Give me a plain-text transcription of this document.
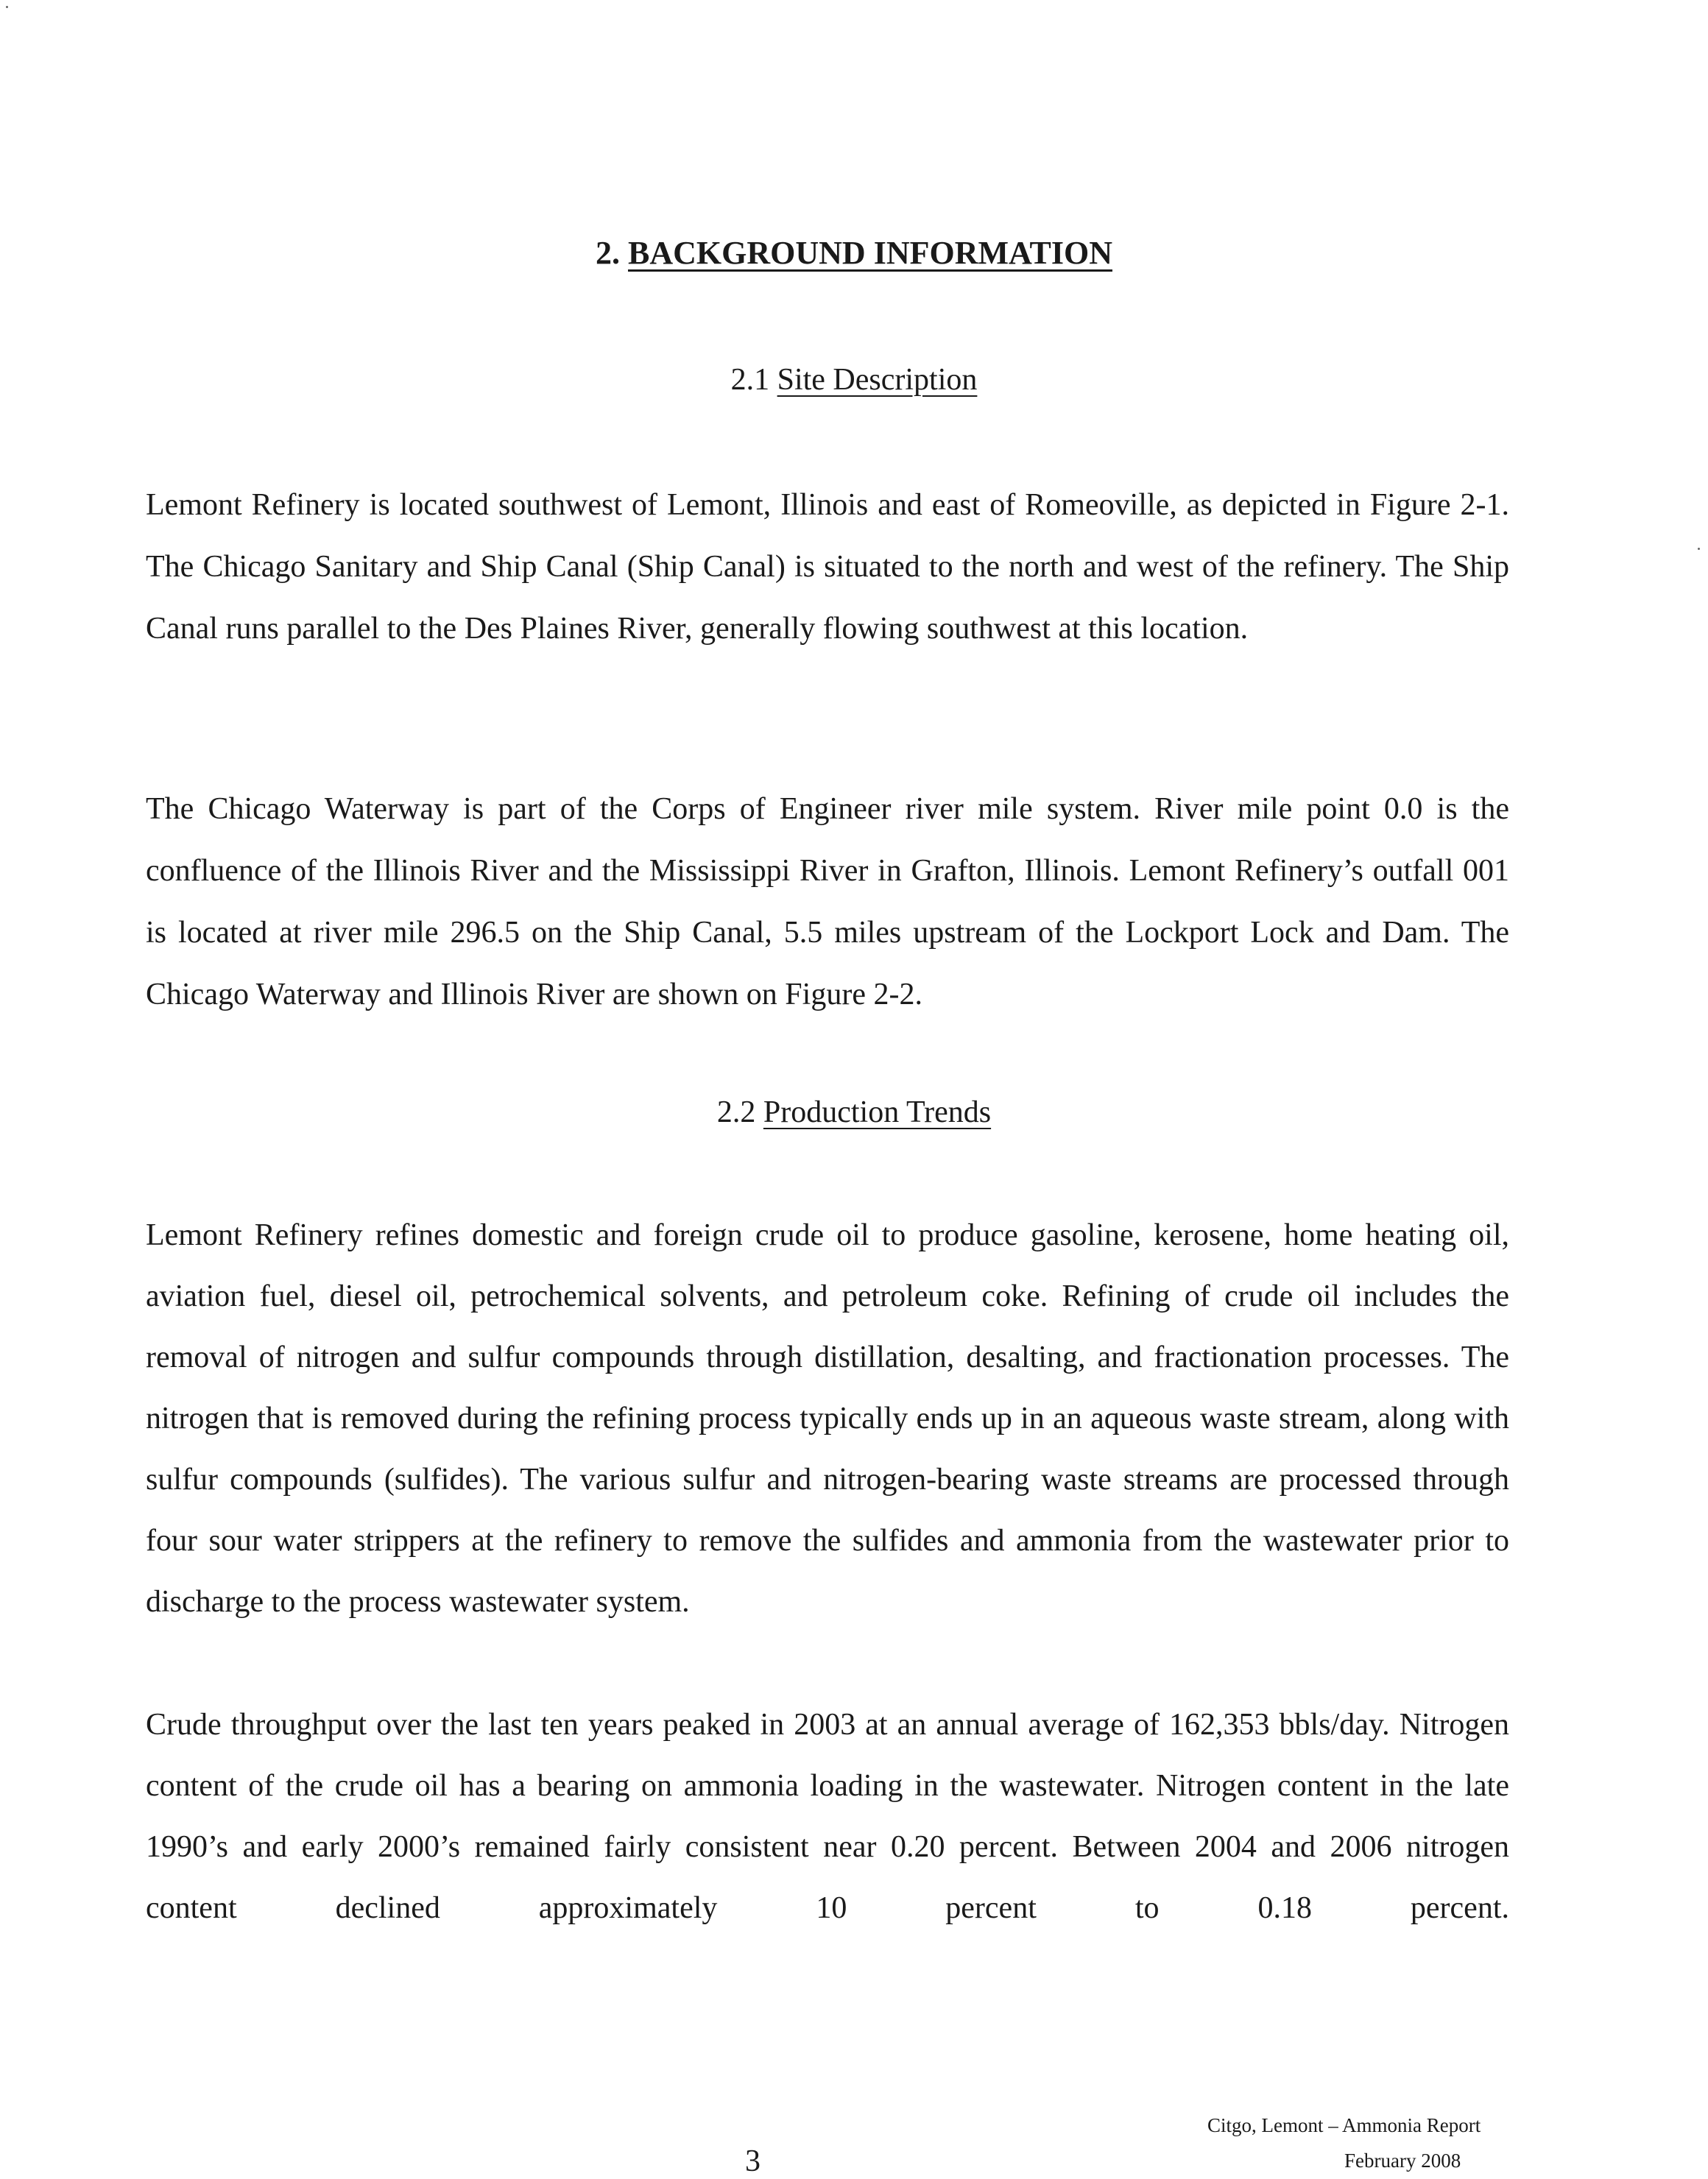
2. BACKGROUND INFORMATION
2.1 Site Description

Lemont Refinery is located southwest of Lemont, Illinois and east of Romeoville, as depicted in Figure 2-1. The Chicago Sanitary and Ship Canal (Ship Canal) is situated to the north and west of the refinery. The Ship Canal runs parallel to the Des Plaines River, generally flowing southwest at this location.

The Chicago Waterway is part of the Corps of Engineer river mile system. River mile point 0.0 is the confluence of the Illinois River and the Mississippi River in Grafton, Illinois. Lemont Refinery’s outfall 001 is located at river mile 296.5 on the Ship Canal, 5.5 miles upstream of the Lockport Lock and Dam. The Chicago Waterway and Illinois River are shown on Figure 2-2.

2.2 Production Trends

Lemont Refinery refines domestic and foreign crude oil to produce gasoline, kerosene, home heating oil, aviation fuel, diesel oil, petrochemical solvents, and petroleum coke. Refining of crude oil includes the removal of nitrogen and sulfur compounds through distillation, desalting, and fractionation processes. The nitrogen that is removed during the refining process typically ends up in an aqueous waste stream, along with sulfur compounds (sulfides). The various sulfur and nitrogen-bearing waste streams are processed through four sour water strippers at the refinery to remove the sulfides and ammonia from the wastewater prior to discharge to the process wastewater system.

Crude throughput over the last ten years peaked in 2003 at an annual average of 162,353 bbls/day. Nitrogen content of the crude oil has a bearing on ammonia loading in the wastewater. Nitrogen content in the late 1990’s and early 2000’s remained fairly consistent near 0.20 percent. Between 2004 and 2006 nitrogen content declined approximately 10 percent to 0.18 percent.

Citgo, Lemont – Ammonia Report
3	February 2008
